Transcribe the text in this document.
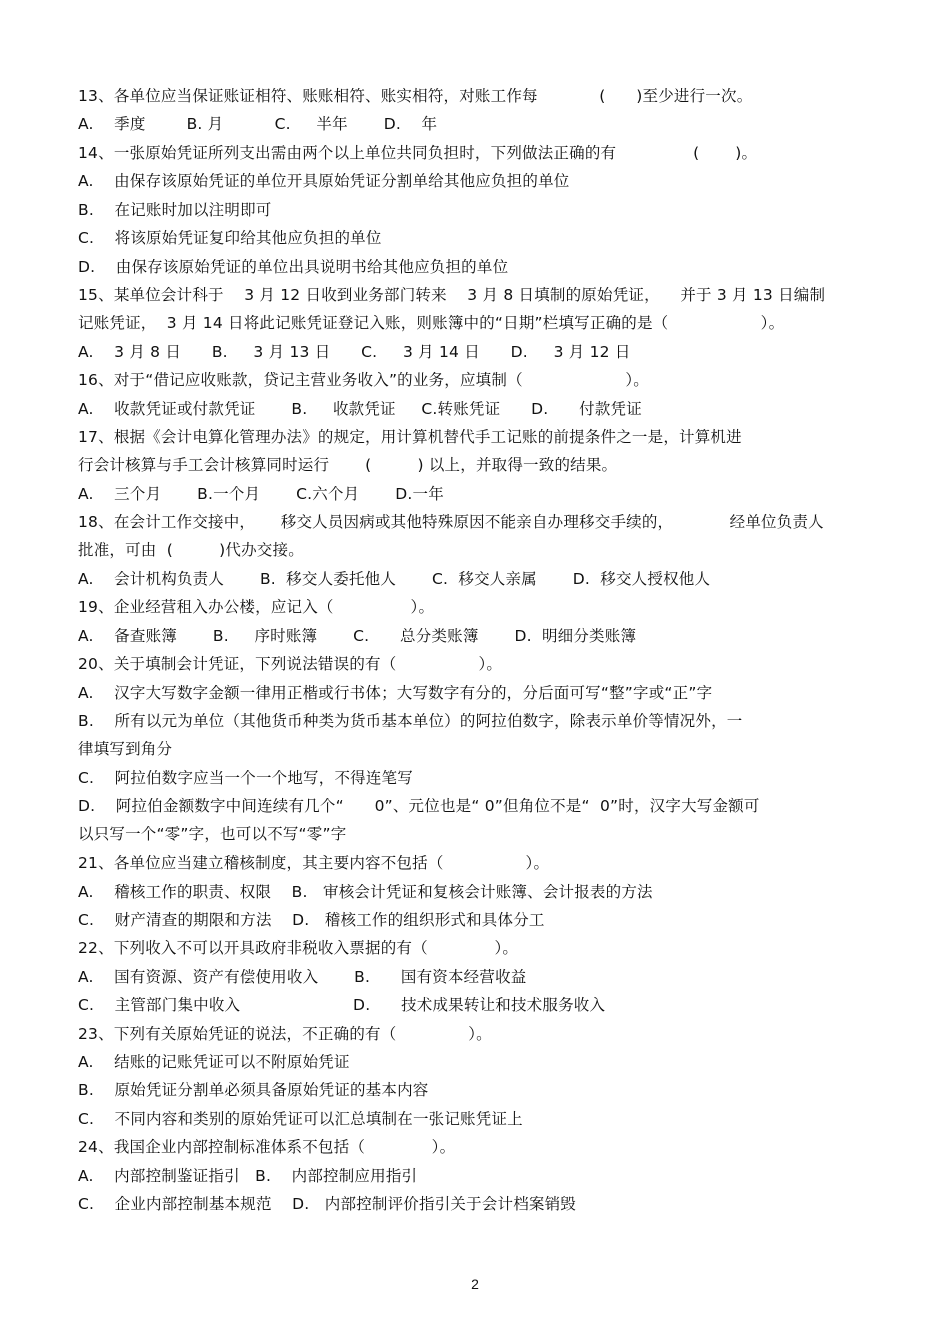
13、各单位应当保证账证相符、账账相符、账实相符，对账工作每            (      )至少进行一次。
A.    季度        B. 月          C.     半年       D.    年
14、一张原始凭证所列支出需由两个以上单位共同负担时，下列做法正确的有               (       )。
A.    由保存该原始凭证的单位开具原始凭证分割单给其他应负担的单位
B.    在记账时加以注明即可
C.    将该原始凭证复印给其他应负担的单位
D.    由保存该原始凭证的单位出具说明书给其他应负担的单位
15、某单位会计科于    3 月 12 日收到业务部门转来    3 月 8 日填制的原始凭证，    并于 3 月 13 日编制
记账凭证，  3 月 14 日将此记账凭证登记入账，则账簿中的“日期”栏填写正确的是（                  ）。
A.    3 月 8 日      B.     3 月 13 日      C.     3 月 14 日      D.     3 月 12 日
16、对于“借记应收账款，贷记主营业务收入”的业务，应填制（                    ）。
A.    收款凭证或付款凭证       B.     收款凭证     C.转账凭证      D.      付款凭证
17、根据《会计电算化管理办法》的规定，用计算机替代手工记账的前提条件之一是，计算机进
行会计核算与手工会计核算同时运行       (         ) 以上，并取得一致的结果。
A.    三个月       B.一个月       C.六个月       D.一年
18、在会计工作交接中，     移交人员因病或其他特殊原因不能亲自办理移交手续的，           经单位负责人
批准，可由  (         )代办交接。
A.    会计机构负责人       B.  移交人委托他人       C.  移交人亲属       D.  移交人授权他人
19、企业经营租入办公楼，应记入（               ）。
A.    备查账簿       B.     序时账簿       C.      总分类账簿       D.  明细分类账簿
20、关于填制会计凭证，下列说法错误的有（                ）。
A.    汉字大写数字金额一律用正楷或行书体；大写数字有分的，分后面可写“整”字或“正”字
B.    所有以元为单位（其他货币种类为货币基本单位）的阿拉伯数字，除表示单价等情况外，一
律填写到角分
C.    阿拉伯数字应当一个一个地写，不得连笔写
D.    阿拉伯金额数字中间连续有几个“      0”、元位也是“ 0”但角位不是“  0”时，汉字大写金额可
以只写一个“零”字，也可以不写“零”字
21、各单位应当建立稽核制度，其主要内容不包括（                ）。
A.    稽核工作的职责、权限    B.   审核会计凭证和复核会计账簿、会计报表的方法
C.    财产清查的期限和方法    D.   稽核工作的组织形式和具体分工
22、下列收入不可以开具政府非税收入票据的有（             ）。
A.    国有资源、资产有偿使用收入       B.      国有资本经营收益
C.    主管部门集中收入                      D.      技术成果转让和技术服务收入
23、下列有关原始凭证的说法，不正确的有（              ）。
A.    结账的记账凭证可以不附原始凭证
B.    原始凭证分割单必须具备原始凭证的基本内容
C.    不同内容和类别的原始凭证可以汇总填制在一张记账凭证上
24、我国企业内部控制标准体系不包括（             ）。
A.    内部控制鉴证指引   B.    内部控制应用指引
C.    企业内部控制基本规范    D.   内部控制评价指引关于会计档案销毁
2
